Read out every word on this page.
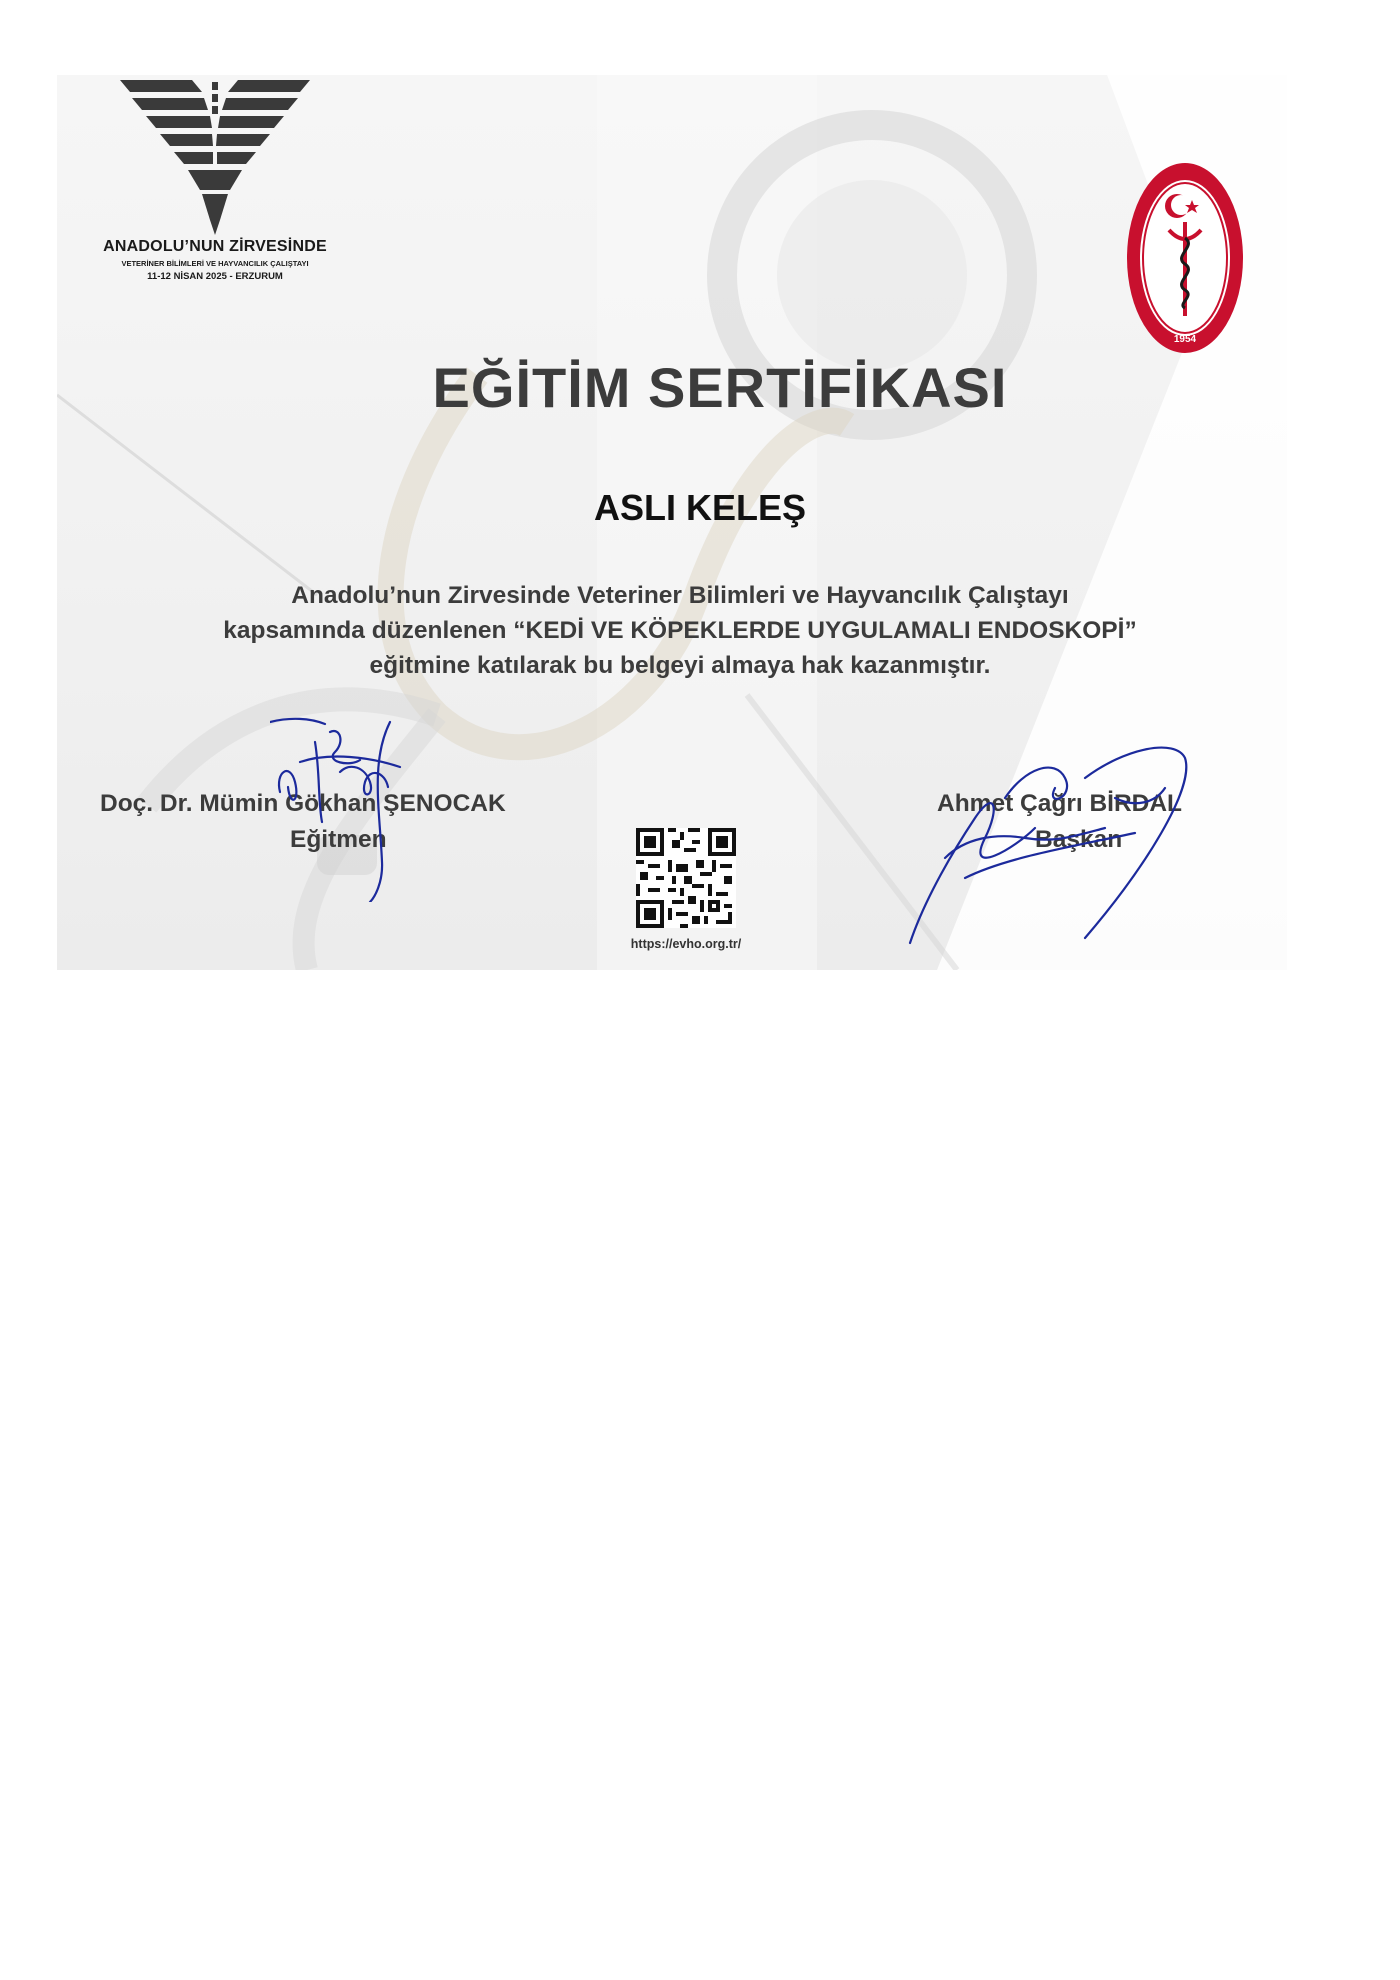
ANADOLU’NUN ZİRVESİNDE
VETERİNER BİLİMLERİ VE HAYVANCILIK ÇALIŞTAYI
11-12 NİSAN 2025 - ERZURUM
1954
EĞİTİM SERTİFİKASI
ASLI KELEŞ
Anadolu’nun Zirvesinde Veteriner Bilimleri ve Hayvancılık Çalıştayı
kapsamında düzenlenen “KEDİ VE KÖPEKLERDE UYGULAMALI ENDOSKOPİ”
eğitmine katılarak bu belgeyi almaya hak kazanmıştır.
Doç. Dr. Mümin Gökhan ŞENOCAK
Eğitmen
Ahmet Çağrı BİRDAL
Başkan
https://evho.org.tr/
